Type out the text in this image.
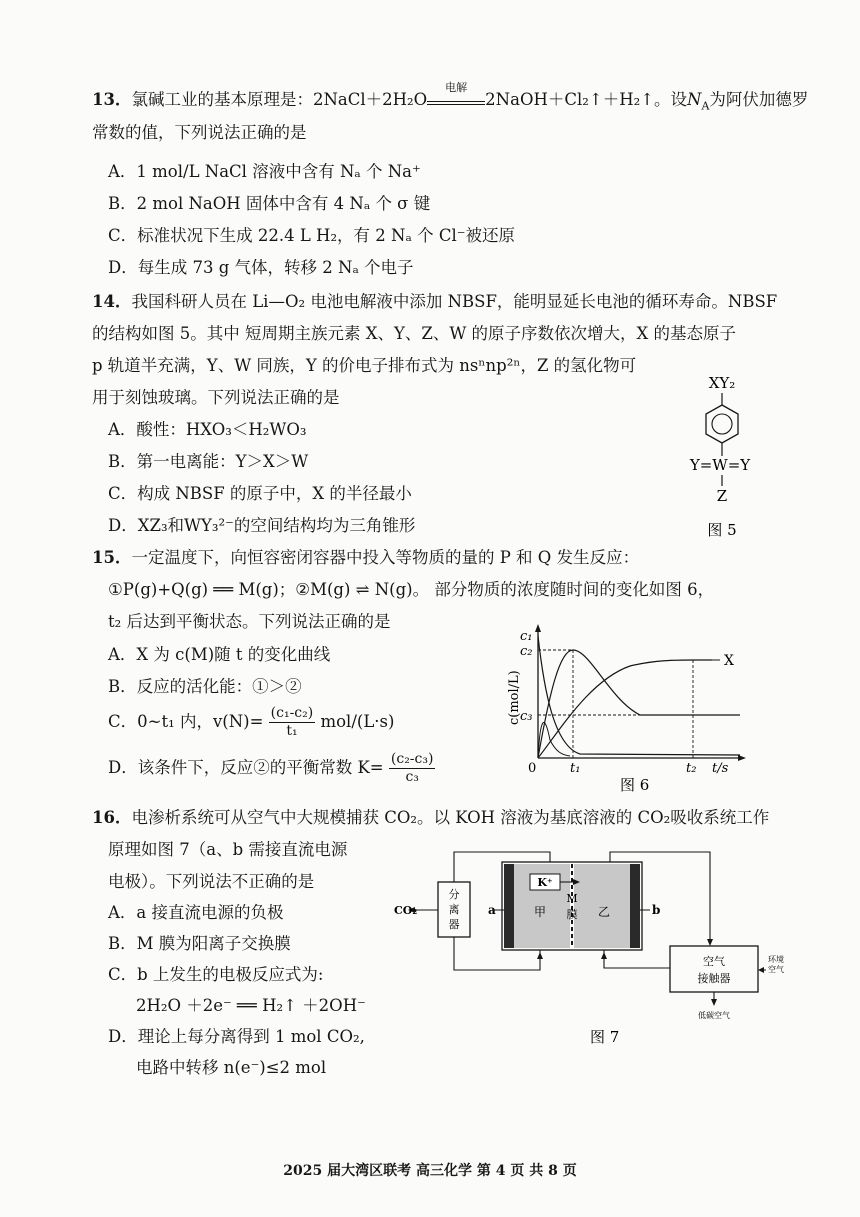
13．氯碱工业的基本原理是：2NaCl＋2H₂O
电解
2NaOH＋Cl₂↑＋H₂↑。设$N_A$为阿伏加德罗
常数的值，下列说法正确的是
A．1 mol/L NaCl 溶液中含有 Nₐ 个 Na⁺
B．2 mol NaOH 固体中含有 4 Nₐ 个 σ 键
C．标准状况下生成 22.4 L H₂，有 2 Nₐ 个 Cl⁻被还原
D．每生成 73 g 气体，转移 2 Nₐ 个电子
14．我国科研人员在 Li—O₂ 电池电解液中添加 NBSF，能明显延长电池的循环寿命。NBSF
的结构如图 5。其中 短周期主族元素 X、Y、Z、W 的原子序数依次增大，X 的基态原子
p 轨道半充满，Y、W 同族，Y 的价电子排布式为 nsⁿnp²ⁿ，Z 的氢化物可
用于刻蚀玻璃。下列说法正确的是
A．酸性：HXO₃＜H₂WO₃
B．第一电离能：Y＞X＞W
C．构成 NBSF 的原子中，X 的半径最小
D．XZ₃和WY₃²⁻的空间结构均为三角锥形
XY₂
Y=W=Y
Z
图 5
15．一定温度下，向恒容密闭容器中投入等物质的量的 P 和 Q 发生反应：
①P(g)+Q(g) ══ M(g)；②M(g) ⇌ N(g)。 部分物质的浓度随时间的变化如图 6，
t₂ 后达到平衡状态。下列说法正确的是
A．X 为 c(M)随 t 的变化曲线
B．反应的活化能：①＞②
C．0~t₁ 内，$v(N)= \frac{\text{(c₁-c₂)}}{\text{t₁}} mol/(L\cdot s)$
D．该条件下，反应②的平衡常数 $K= \frac{\text{(c₂-c₃)}}{\text{c₃}}$
c(mol/L)
c₁
c₂
c₃
0	t₁	t₂ t/s
X
图 6
16．电渗析系统可从空气中大规模捕获 CO₂。以 KOH 溶液为基底溶液的 CO₂吸收系统工作
原理如图 7（a、b 需接直流电源
电极）。下列说法不正确的是
A．a 接直流电源的负极
B．M 膜为阳离子交换膜
C．b 上发生的电极反应式为:
2H₂O ＋2e⁻ ══ H₂↑ ＋2OH⁻
D．理论上每分离得到 1 mol CO₂,
电路中转移 n(e⁻)≤2 mol
分
离
器
CO₂	a	b
K⁺
甲
M
膜 乙
空气
接触器
环境
空气
低碳空气
图 7
2025 届大湾区联考 高三化学 第 4 页 共 8 页
